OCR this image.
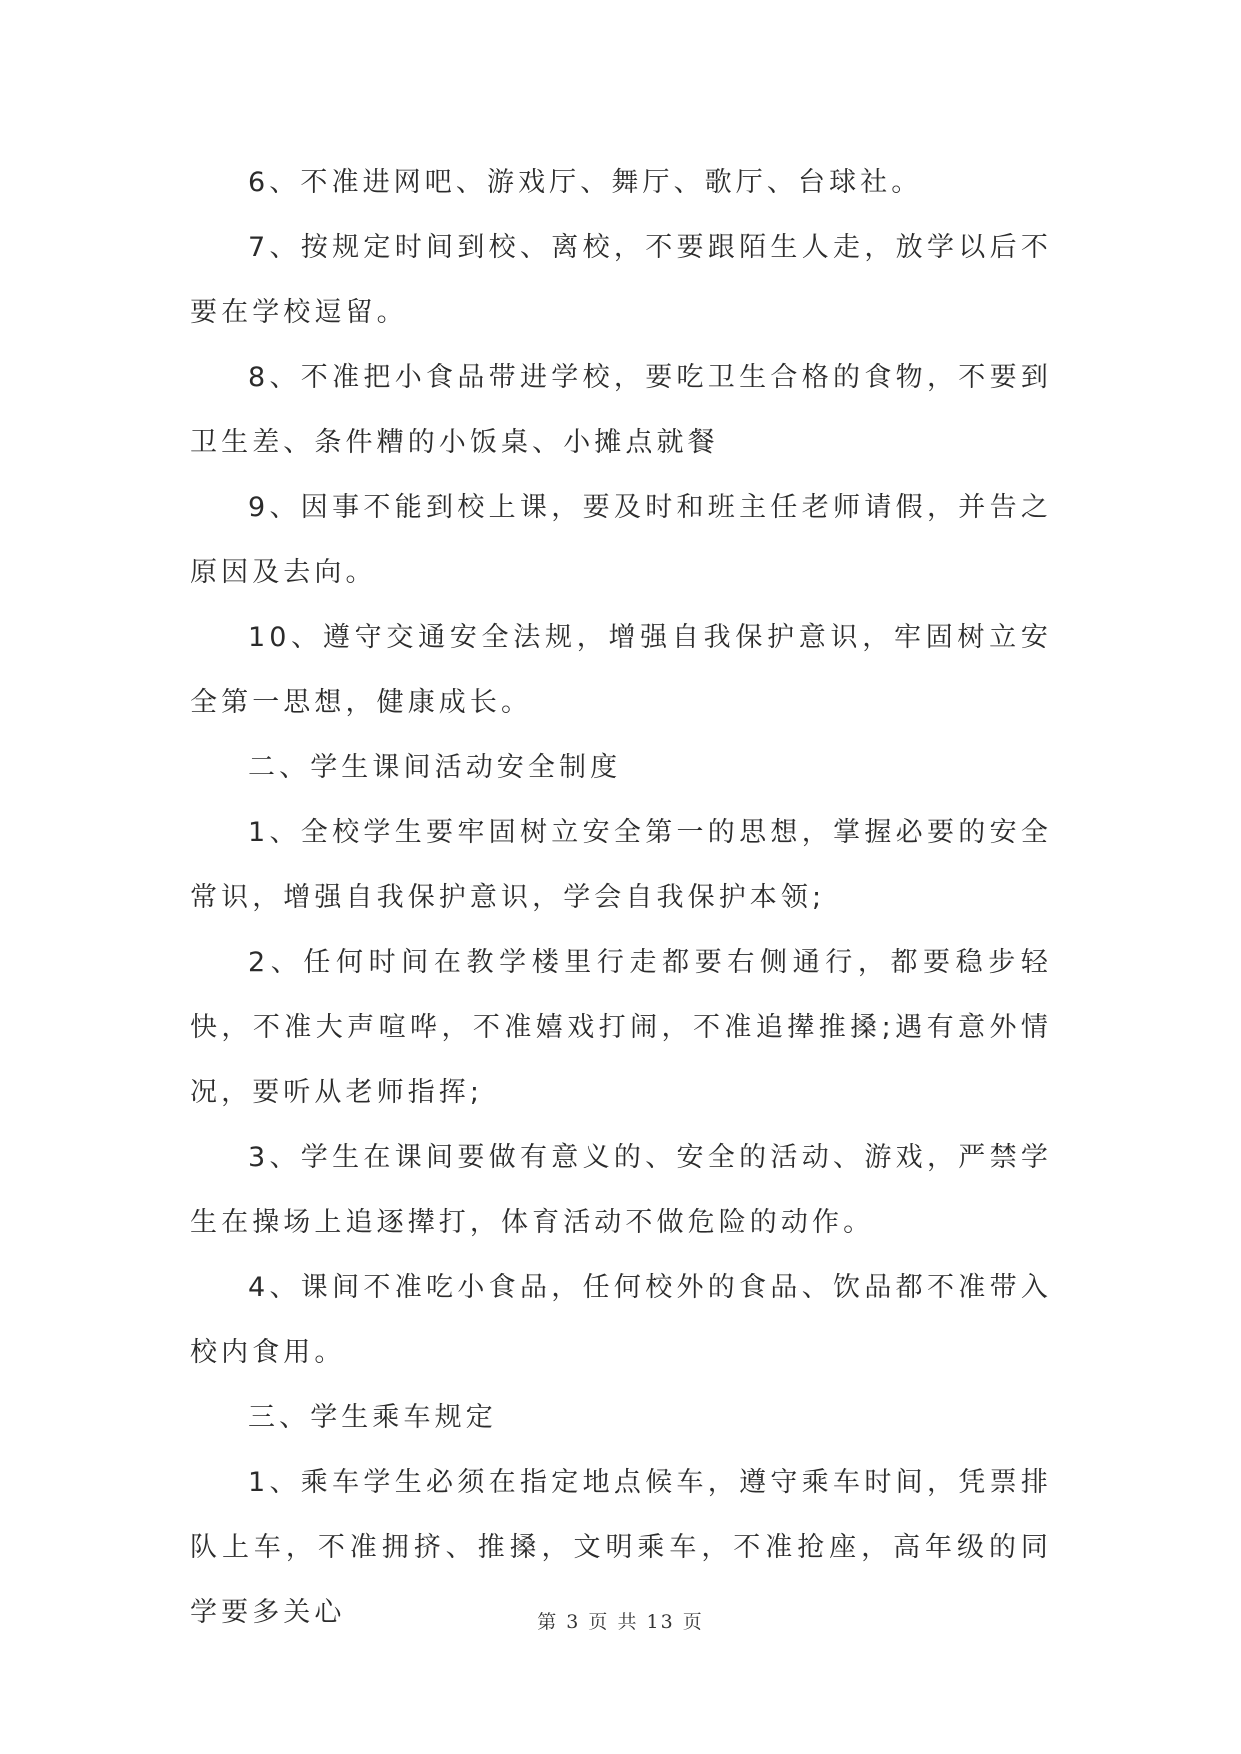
6、不准进网吧、游戏厅、舞厅、歌厅、台球社。

7、按规定时间到校、离校，不要跟陌生人走，放学以后不要在学校逗留。

8、不准把小食品带进学校，要吃卫生合格的食物，不要到卫生差、条件糟的小饭桌、小摊点就餐

9、因事不能到校上课，要及时和班主任老师请假，并告之原因及去向。

10、遵守交通安全法规，增强自我保护意识，牢固树立安全第一思想，健康成长。

二、学生课间活动安全制度

1、全校学生要牢固树立安全第一的思想，掌握必要的安全常识，增强自我保护意识，学会自我保护本领;

2、任何时间在教学楼里行走都要右侧通行，都要稳步轻快，不准大声喧哗，不准嬉戏打闹，不准追撵推搡;遇有意外情况，要听从老师指挥;

3、学生在课间要做有意义的、安全的活动、游戏，严禁学生在操场上追逐撵打，体育活动不做危险的动作。

4、课间不准吃小食品，任何校外的食品、饮品都不准带入校内食用。

三、学生乘车规定

1、乘车学生必须在指定地点候车，遵守乘车时间，凭票排队上车，不准拥挤、推搡，文明乘车，不准抢座，高年级的同学要多关心	第 3 页 共 13 页
